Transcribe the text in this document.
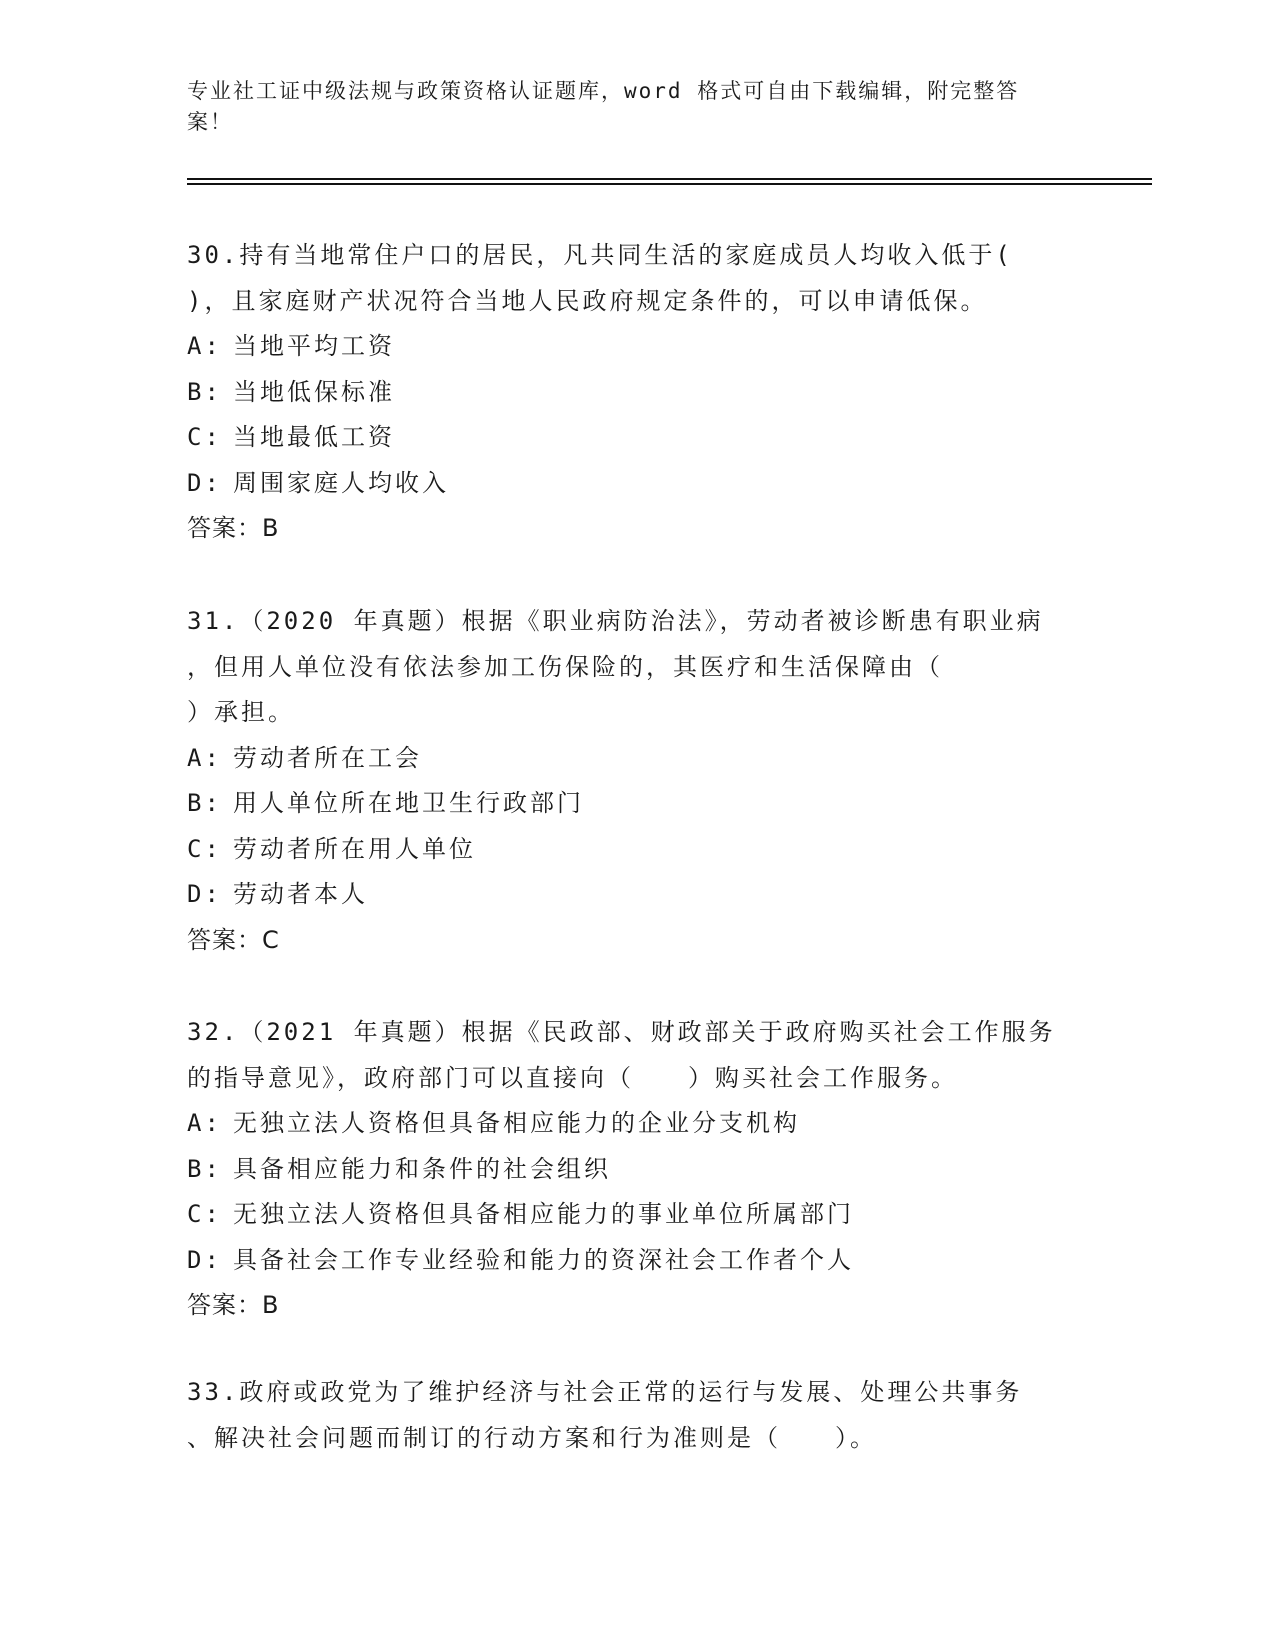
专业社工证中级法规与政策资格认证题库，word 格式可自由下载编辑，附完整答
案！
30.持有当地常住户口的居民，凡共同生活的家庭成员人均收入低于(
)，且家庭财产状况符合当地人民政府规定条件的，可以申请低保。
A: 当地平均工资
B: 当地低保标准
C: 当地最低工资
D: 周围家庭人均收入
答案：B
31.（2020 年真题）根据《职业病防治法》，劳动者被诊断患有职业病
，但用人单位没有依法参加工伤保险的，其医疗和生活保障由（
）承担。
A: 劳动者所在工会
B: 用人单位所在地卫生行政部门
C: 劳动者所在用人单位
D: 劳动者本人
答案：C
32.（2021 年真题）根据《民政部、财政部关于政府购买社会工作服务
的指导意见》，政府部门可以直接向（　　）购买社会工作服务。
A: 无独立法人资格但具备相应能力的企业分支机构
B: 具备相应能力和条件的社会组织
C: 无独立法人资格但具备相应能力的事业单位所属部门
D: 具备社会工作专业经验和能力的资深社会工作者个人
答案：B
33.政府或政党为了维护经济与社会正常的运行与发展、处理公共事务
、解决社会问题而制订的行动方案和行为准则是（　　）。
